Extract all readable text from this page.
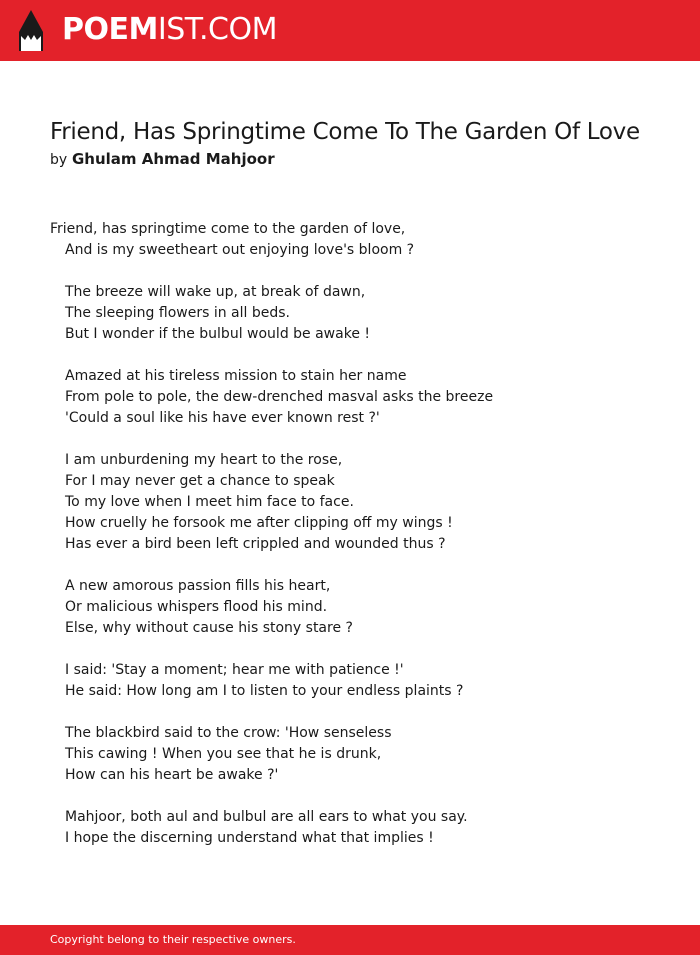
POEMIST.COM
Friend, Has Springtime Come To The Garden Of Love
by Ghulam Ahmad Mahjoor
Friend, has springtime come to the garden of love,
And is my sweetheart out enjoying love's bloom ?
The breeze will wake up, at break of dawn,
The sleeping flowers in all beds.
But I wonder if the bulbul would be awake !
Amazed at his tireless mission to stain her name
From pole to pole, the dew-drenched masval asks the breeze
'Could a soul like his have ever known rest ?'
I am unburdening my heart to the rose,
For I may never get a chance to speak
To my love when I meet him face to face.
How cruelly he forsook me after clipping off my wings !
Has ever a bird been left crippled and wounded thus ?
A new amorous passion fills his heart,
Or malicious whispers flood his mind.
Else, why without cause his stony stare ?
I said: 'Stay a moment; hear me with patience !'
He said: How long am I to listen to your endless plaints ?
The blackbird said to the crow: 'How senseless
This cawing ! When you see that he is drunk,
How can his heart be awake ?'
Mahjoor, both aul and bulbul are all ears to what you say.
I hope the discerning understand what that implies !
Copyright belong to their respective owners.
